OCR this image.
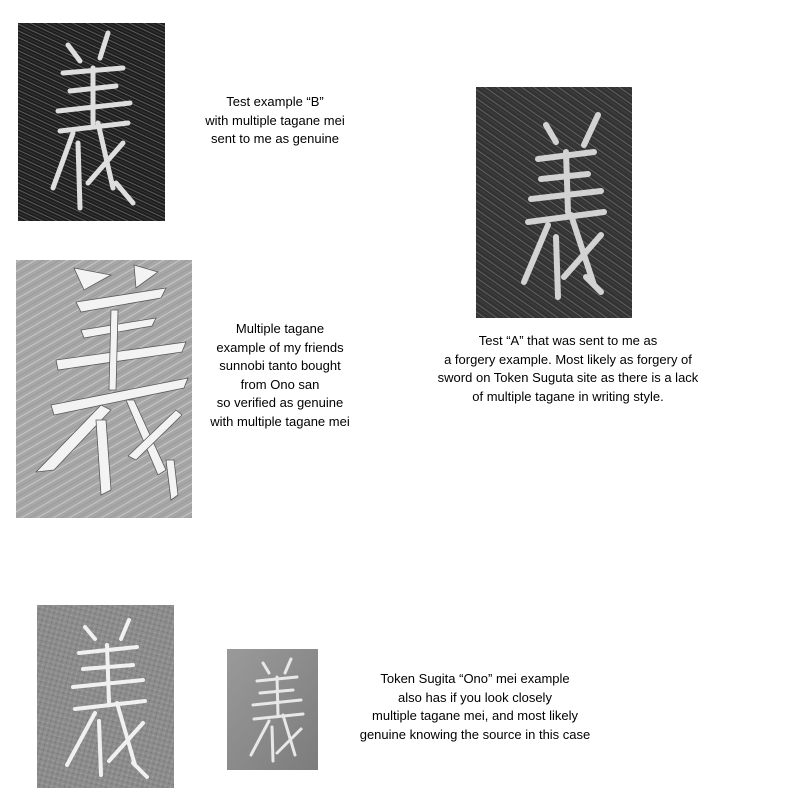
Test example “B”
with multiple tagane mei
sent to me as genuine
Multiple tagane
example of my friends
sunnobi tanto bought
from Ono san
so verified as genuine
with multiple tagane mei
Test “A” that was sent to me as
a forgery example. Most likely as forgery of
sword on Token Suguta site as there is a lack
of multiple tagane in writing style.
Token Sugita “Ono” mei example
also has if you look closely
multiple tagane mei, and most likely
genuine knowing the source in this case
